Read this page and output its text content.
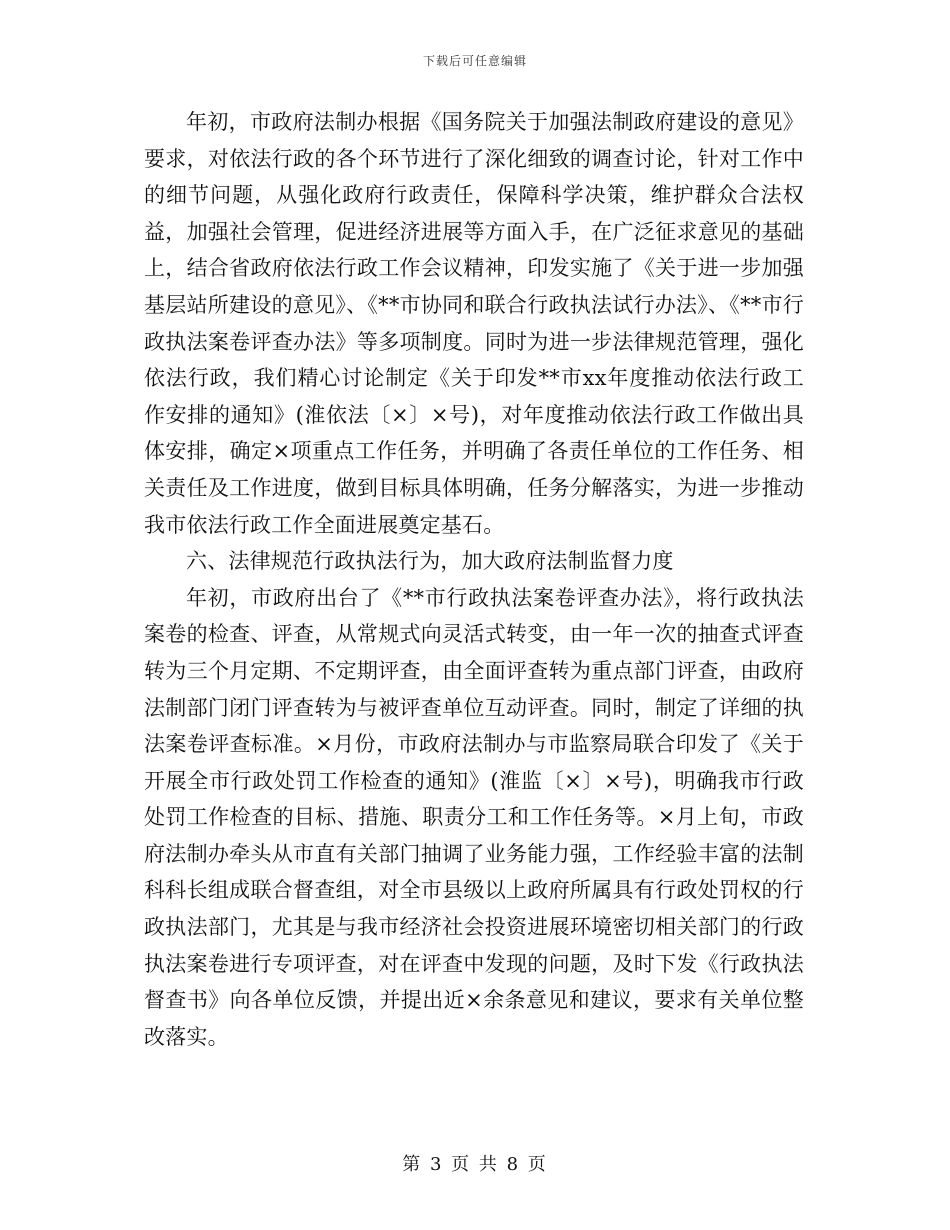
下载后可任意编辑

年初，市政府法制办根据《国务院关于加强法制政府建设的意见》要求，对依法行政的各个环节进行了深化细致的调查讨论，针对工作中的细节问题，从强化政府行政责任，保障科学决策，维护群众合法权益，加强社会管理，促进经济进展等方面入手，在广泛征求意见的基础上，结合省政府依法行政工作会议精神，印发实施了《关于进一步加强基层站所建设的意见》、《**市协同和联合行政执法试行办法》、《**市行政执法案卷评查办法》等多项制度。同时为进一步法律规范管理，强化依法行政，我们精心讨论制定《关于印发**市xx年度推动依法行政工作安排的通知》(淮依法〔×〕×号)，对年度推动依法行政工作做出具体安排，确定×项重点工作任务，并明确了各责任单位的工作任务、相关责任及工作进度，做到目标具体明确，任务分解落实，为进一步推动我市依法行政工作全面进展奠定基石。

六、法律规范行政执法行为，加大政府法制监督力度

年初，市政府出台了《**市行政执法案卷评查办法》，将行政执法案卷的检查、评查，从常规式向灵活式转变，由一年一次的抽查式评查转为三个月定期、不定期评查，由全面评查转为重点部门评查，由政府法制部门闭门评查转为与被评查单位互动评查。同时，制定了详细的执法案卷评查标准。×月份，市政府法制办与市监察局联合印发了《关于开展全市行政处罚工作检查的通知》(淮监〔×〕×号)，明确我市行政处罚工作检查的目标、措施、职责分工和工作任务等。×月上旬，市政府法制办牵头从市直有关部门抽调了业务能力强，工作经验丰富的法制科科长组成联合督查组，对全市县级以上政府所属具有行政处罚权的行政执法部门，尤其是与我市经济社会投资进展环境密切相关部门的行政执法案卷进行专项评查，对在评查中发现的问题，及时下发《行政执法督查书》向各单位反馈，并提出近×余条意见和建议，要求有关单位整改落实。

第 3 页 共 8 页
